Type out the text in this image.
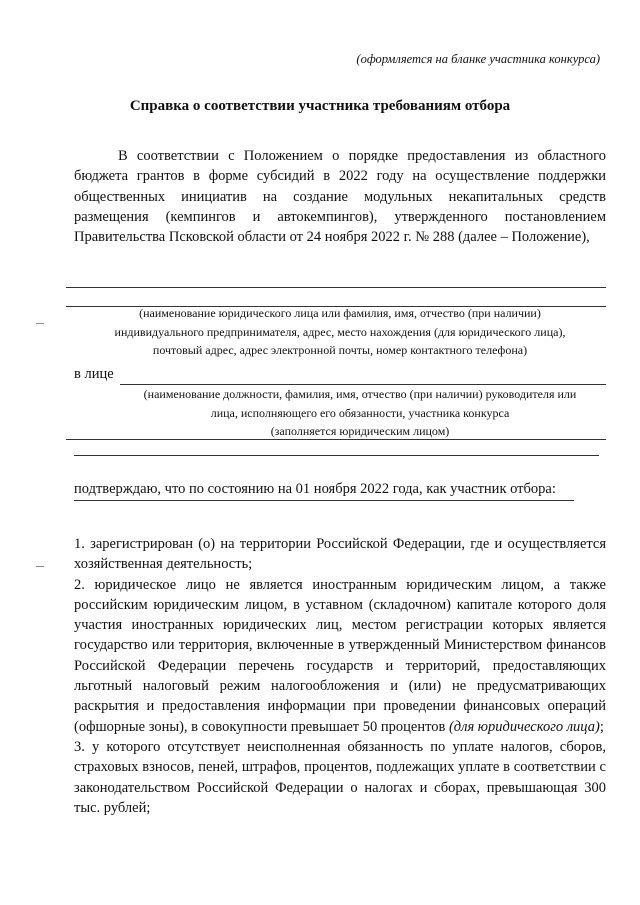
(оформляется на бланке участника конкурса)
Справка о соответствии участника требованиям отбора
В соответствии с Положением о порядке предоставления из областного бюджета грантов в форме субсидий в 2022 году на осуществление поддержки общественных инициатив на создание модульных некапитальных средств размещения (кемпингов и автокемпингов), утвержденного постановлением Правительства Псковской области от 24 ноября 2022 г. № 288 (далее – Положение),
(наименование юридического лица или фамилия, имя, отчество (при наличии)
индивидуального предпринимателя, адрес, место нахождения (для юридического лица),
почтовый адрес, адрес электронной почты, номер контактного телефона)
в лице
(наименование должности, фамилия, имя, отчество (при наличии) руководителя или
лица, исполняющего его обязанности, участника конкурса
(заполняется юридическим лицом)
подтверждаю, что по состоянию на 01 ноября 2022 года, как участник отбора:

1. зарегистрирован (о) на территории Российской Федерации, где и осуществляется хозяйственная деятельность;

2. юридическое лицо не является иностранным юридическим лицом, а также российским юридическим лицом, в уставном (складочном) капитале которого доля участия иностранных юридических лиц, местом регистрации которых является государство или территория, включенные в утвержденный Министерством финансов Российской Федерации перечень государств и территорий, предоставляющих льготный налоговый режим налогообложения и (или) не предусматривающих раскрытия и предоставления информации при проведении финансовых операций (офшорные зоны), в совокупности превышает 50 процентов (для юридического лица);

3. у которого отсутствует неисполненная обязанность по уплате налогов, сборов, страховых взносов, пеней, штрафов, процентов, подлежащих уплате в соответствии с законодательством Российской Федерации о налогах и сборах, превышающая 300 тыс. рублей;
